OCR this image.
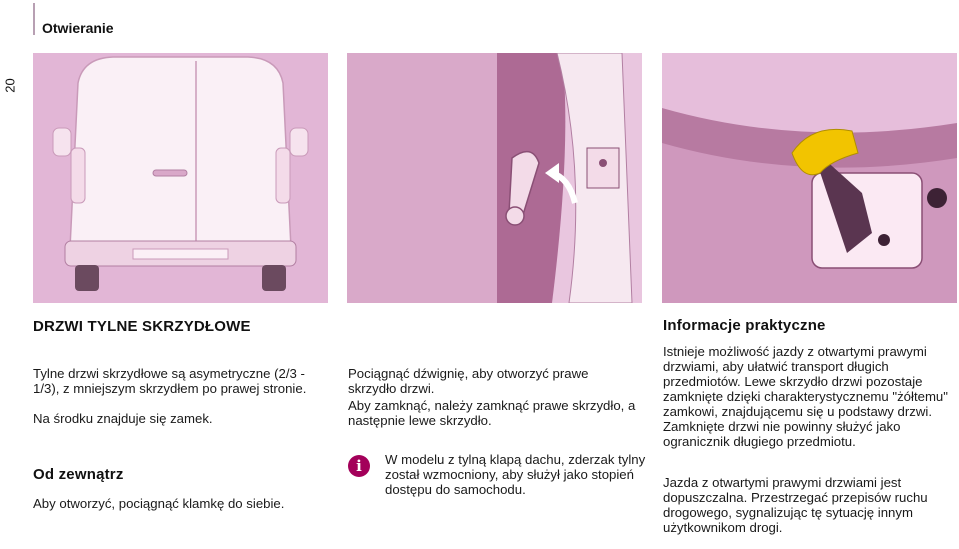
20
Otwieranie
DRZWI TYLNE SKRZYDŁOWE
Tylne drzwi skrzydłowe są asymetryczne (2/3 - 1/3), z mniejszym skrzydłem po prawej stronie.
Na środku znajduje się zamek.
Od zewnątrz
Aby otworzyć, pociągnąć klamkę do siebie.
Pociągnąć dźwignię, aby otworzyć prawe skrzydło drzwi.
Aby zamknąć, należy zamknąć prawe skrzydło, a następnie lewe skrzydło.
i	W modelu z tylną klapą dachu, zderzak tylny został wzmocniony, aby służył jako stopień dostępu do samochodu.
Informacje praktyczne
Istnieje możliwość jazdy z otwartymi prawymi drzwiami, aby ułatwić transport długich przedmiotów. Lewe skrzydło drzwi pozostaje zamknięte dzięki charakterystycznemu "żółtemu" zamkowi, znajdującemu się u podstawy drzwi. Zamknięte drzwi nie powinny służyć jako ogranicznik długiego przedmiotu.
Jazda z otwartymi prawymi drzwiami jest dopuszczalna. Przestrzegać przepisów ruchu drogowego, sygnalizując tę sytuację innym użytkownikom drogi.
